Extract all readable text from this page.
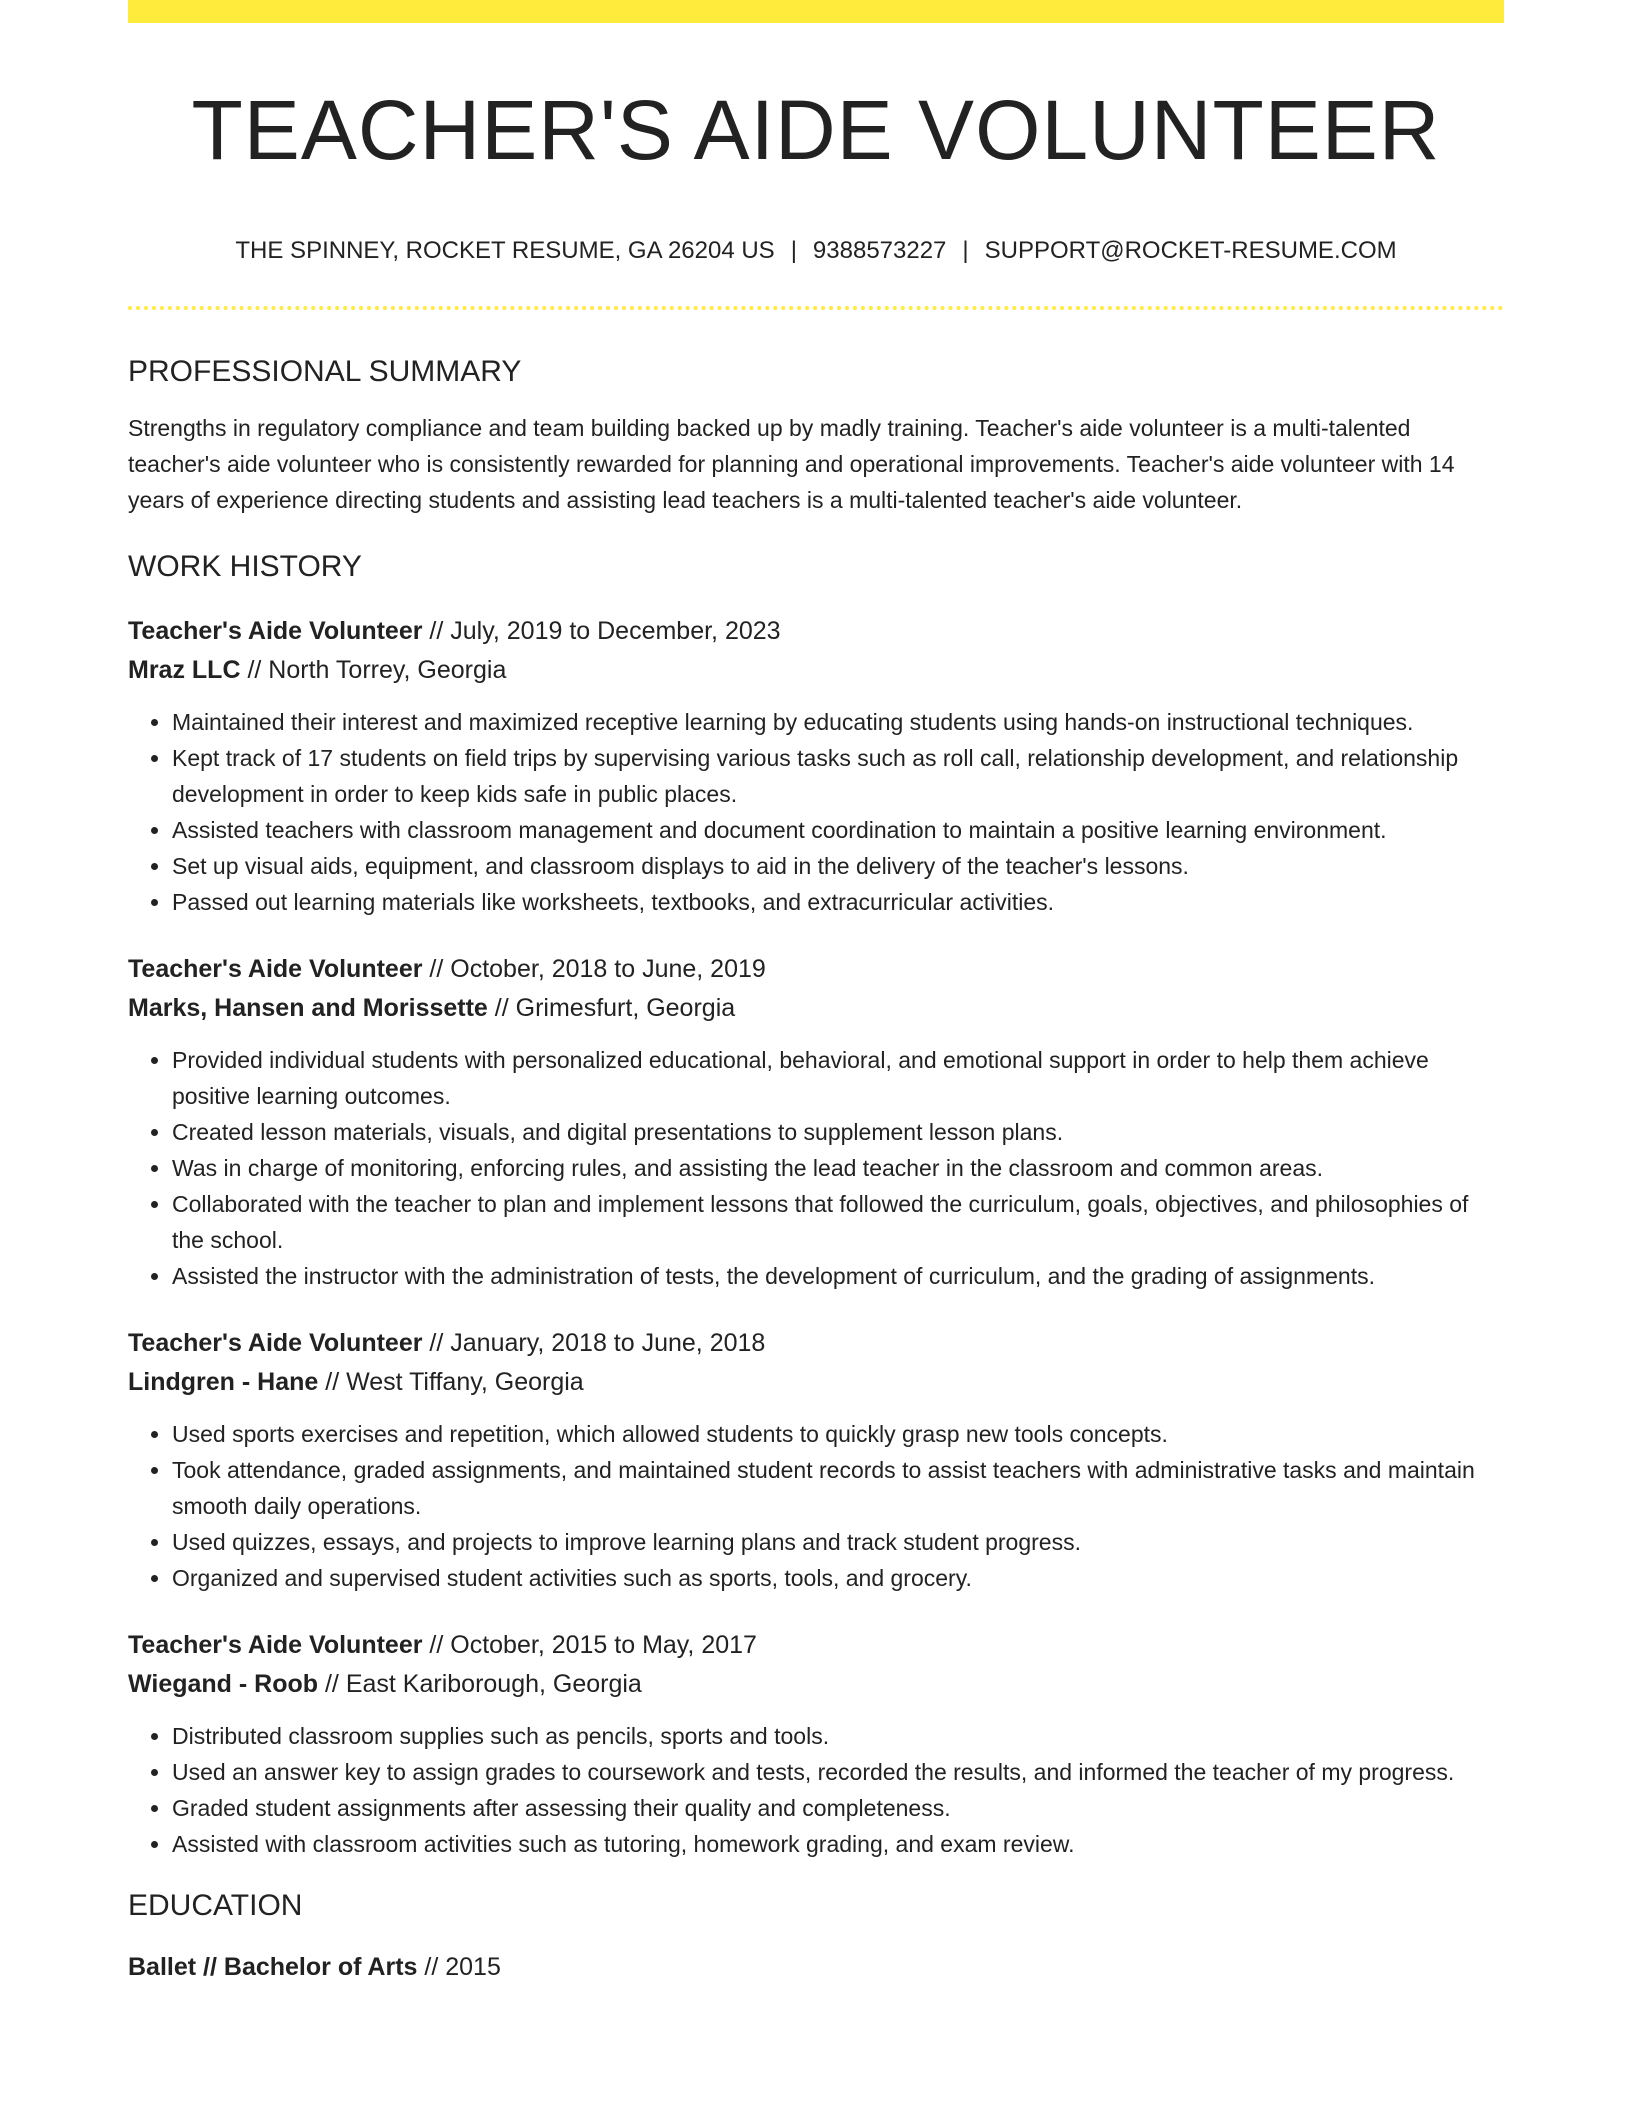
TEACHER'S AIDE VOLUNTEER
THE SPINNEY, ROCKET RESUME, GA 26204 US | 9388573227 | SUPPORT@ROCKET-RESUME.COM
PROFESSIONAL SUMMARY

Strengths in regulatory compliance and team building backed up by madly training. Teacher's aide volunteer is a multi-talented teacher's aide volunteer who is consistently rewarded for planning and operational improvements. Teacher's aide volunteer with 14 years of experience directing students and assisting lead teachers is a multi-talented teacher's aide volunteer.

WORK HISTORY
Teacher's Aide Volunteer // July, 2019 to December, 2023
Mraz LLC // North Torrey, Georgia
• Maintained their interest and maximized receptive learning by educating students using hands-on instructional techniques.
• Kept track of 17 students on field trips by supervising various tasks such as roll call, relationship development, and relationship development in order to keep kids safe in public places.
• Assisted teachers with classroom management and document coordination to maintain a positive learning environment.
• Set up visual aids, equipment, and classroom displays to aid in the delivery of the teacher's lessons.
• Passed out learning materials like worksheets, textbooks, and extracurricular activities.
Teacher's Aide Volunteer // October, 2018 to June, 2019
Marks, Hansen and Morissette // Grimesfurt, Georgia
• Provided individual students with personalized educational, behavioral, and emotional support in order to help them achieve positive learning outcomes.
• Created lesson materials, visuals, and digital presentations to supplement lesson plans.
• Was in charge of monitoring, enforcing rules, and assisting the lead teacher in the classroom and common areas.
• Collaborated with the teacher to plan and implement lessons that followed the curriculum, goals, objectives, and philosophies of the school.
• Assisted the instructor with the administration of tests, the development of curriculum, and the grading of assignments.
Teacher's Aide Volunteer // January, 2018 to June, 2018
Lindgren - Hane // West Tiffany, Georgia
• Used sports exercises and repetition, which allowed students to quickly grasp new tools concepts.
• Took attendance, graded assignments, and maintained student records to assist teachers with administrative tasks and maintain smooth daily operations.
• Used quizzes, essays, and projects to improve learning plans and track student progress.
• Organized and supervised student activities such as sports, tools, and grocery.
Teacher's Aide Volunteer // October, 2015 to May, 2017
Wiegand - Roob // East Kariborough, Georgia
• Distributed classroom supplies such as pencils, sports and tools.
• Used an answer key to assign grades to coursework and tests, recorded the results, and informed the teacher of my progress.
• Graded student assignments after assessing their quality and completeness.
• Assisted with classroom activities such as tutoring, homework grading, and exam review.
EDUCATION
Ballet // Bachelor of Arts // 2015
